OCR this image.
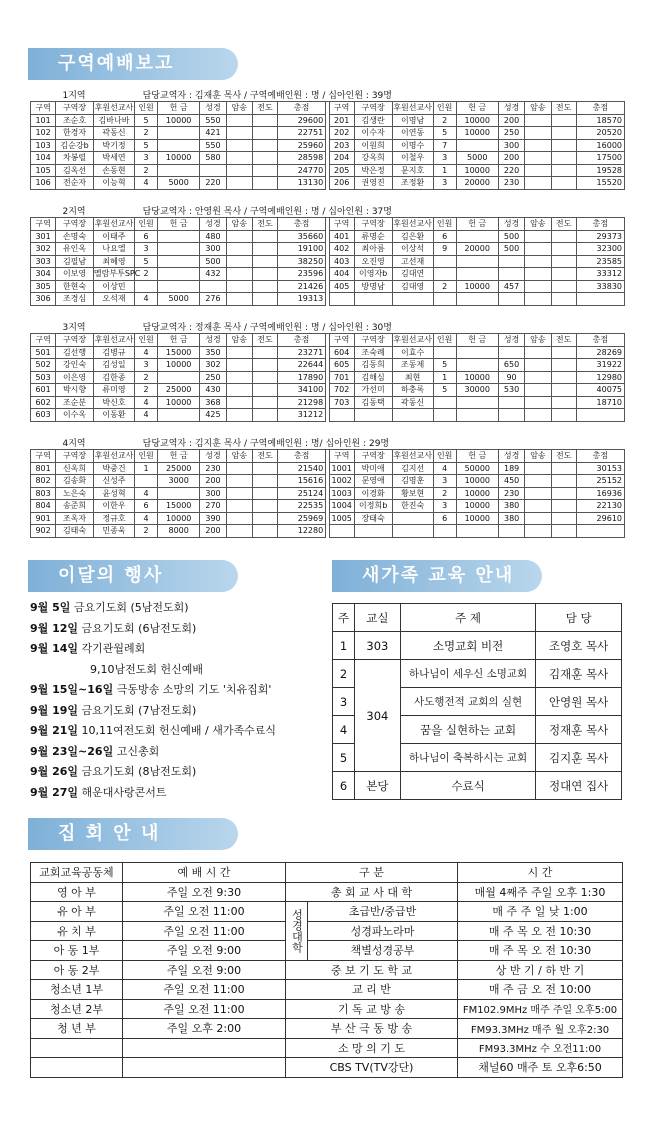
구역예배보고
1지역			담당교역자 : 김재훈 목사 / 구역예배인원 : 명 / 십아인원 : 39명															
구역	구역장	후원선교사	인원	헌 금	성경	암송	전도	총점		구역	구역장	후원선교사	인원	헌 금	성경	암송	전도	총점
101	조순호	김바나바	5	10000	550			29600		201	김생란	이명남	2	10000	200			18570
102	한경자	곽동신	2		421			22751		202	이수자	이연동	5	10000	250			20520
103	김순강b	박기정	5		550			25960		203	이원희	이명수	7		300			16000
104	차봉렬	박세연	3	10000	580			28598		204	강옥희	이철우	3	5000	200			17500
105	김옥선	손동현	2					24770		205	박은정	문지호	1	10000	220			19528
106	전순자	이능혁	4	5000	220			13130		206	권영진	조정환	3	20000	230			15520
2지역			담당교역자 : 안영원 목사 / 구역예배인원 : 명 / 십아인원 : 37명															
구역	구역장	후원선교사	인원	헌 금	성경	암송	전도	총점		구역	구역장	후원선교사	인원	헌 금	성경	암송	전도	총점
301	손명숙	이태주	6		480			35660		401	류명순	김은환	6		500			29373
302	유인옥	나요엘	3		300			19100		402	최아름	이상석	9	20000	500			32300
303	김필남	최혜영	5		500			38250		403	오진영	고선재						23585
304	이보영	멜람부투SPC	2		432			23596		404	이영자b	김대연						33312
305	한현숙	이상민						21426		405	방명남	김대영	2	10000	457			33830
306	조경심	오석재	4	5000	276			19313										
3지역			담당교역자 : 정재훈 목사 / 구역예배인원 : 명 / 십아인원 : 30명															
구역	구역장	후원선교사	인원	헌 금	성경	암송	전도	총점		구역	구역장	후원선교사	인원	헌 금	성경	암송	전도	총점
501	김선행	김병규	4	15000	350			23271		604	조숙례	이효수						28269
502	강인숙	김성일	3	10000	302			22644		605	김동희	조동제	5		650			31922
503	이은영	김한종	2		250			17890		701	김해심	최현	1	10000	90			12980
601	박시향	류미영	2	25000	430			34100		702	가선미	하충록	5	30000	530			40075
602	조순분	박신호	4	10000	368			21298		703	김동택	곽동신						18710
603	이수옥	이동환	4		425			31212										
4지역			담당교역자 : 김지훈 목사 / 구역예배인원 : 명/ 십아인원 : 29명															
구역	구역장	후원선교사	인원	헌 금	성경	암송	전도	총점		구역	구역장	후원선교사	인원	헌 금	성경	암송	전도	총점
801	신옥희	박중건	1	25000	230			21540		1001	박미애	김지선	4	50000	189			30153
802	김송화	신성주		3000	200			15616		1002	문영애	김명훈	3	10000	450			25152
803	노은숙	윤성혁	4		300			25124		1003	이경화	황보현	2	10000	230			16936
804	송준희	이한우	6	15000	270			22535		1004	이정희b	한진숙	3	10000	380			22130
901	조옥자	정규호	4	10000	390			25969		1005	장태숙		6	10000	380			29610
902	김태숙	민종욱	2	8000	200			12280										
이달의 행사
9월 5일 금요기도회 (5남전도회)
9월 12일 금요기도회 (6남전도회)
9월 14일 각기관월례회
9,10남전도회 헌신예배
9월 15일~16일 극동방송 소망의 기도 '치유집회'
9월 19일 금요기도회 (7남전도회)
9월 21일 10,11여전도회 헌신예배 / 새가족수료식
9월 23일~26일 고신총회
9월 26일 금요기도회 (8남전도회)
9월 27일 해운대사랑콘서트
새가족 교육 안내
주	교실	주 제	담 당
1	303	소명교회 비전	조영호 목사
2	304	하나님이 세우신 소명교회	김재훈 목사
3		사도행전적 교회의 실현	안영원 목사
4		꿈을 실현하는 교회	정재훈 목사
5		하나님이 축복하시는 교회	김지훈 목사
6	본당	수료식	정대연 집사
집 회 안 내
교회교육공동체	예 배 시 간	구 분		시 간
영 아 부	주일 오전 9:30	총 회 교 사 대 학		매월 4째주 주일 오후 1:30
유 아 부	주일 오전 11:00	성경대학	초급반/중급반	매 주 주 일 낮 1:00
유 치 부	주일 오전 11:00		성경파노라마	매 주 목 오 전 10:30
아 동 1부	주일 오전 9:00		책별성경공부	매 주 목 오 전 10:30
아 동 2부	주일 오전 9:00	중 보 기 도 학 교		상 반 기 / 하 반 기
청소년 1부	주일 오전 11:00	교 리 반		매 주 금 오 전 10:00
청소년 2부	주일 오전 11:00	기 독 교 방 송		FM102.9MHz 매주 주일 오후5:00
청 년 부	주일 오후 2:00	부 산 극 동 방 송		FM93.3MHz 매주 월 오후2:30
		소 망 의 기 도		FM93.3MHz 수 오전11:00
		CBS TV(TV강단)		채널60 매주 토 오후6:50
